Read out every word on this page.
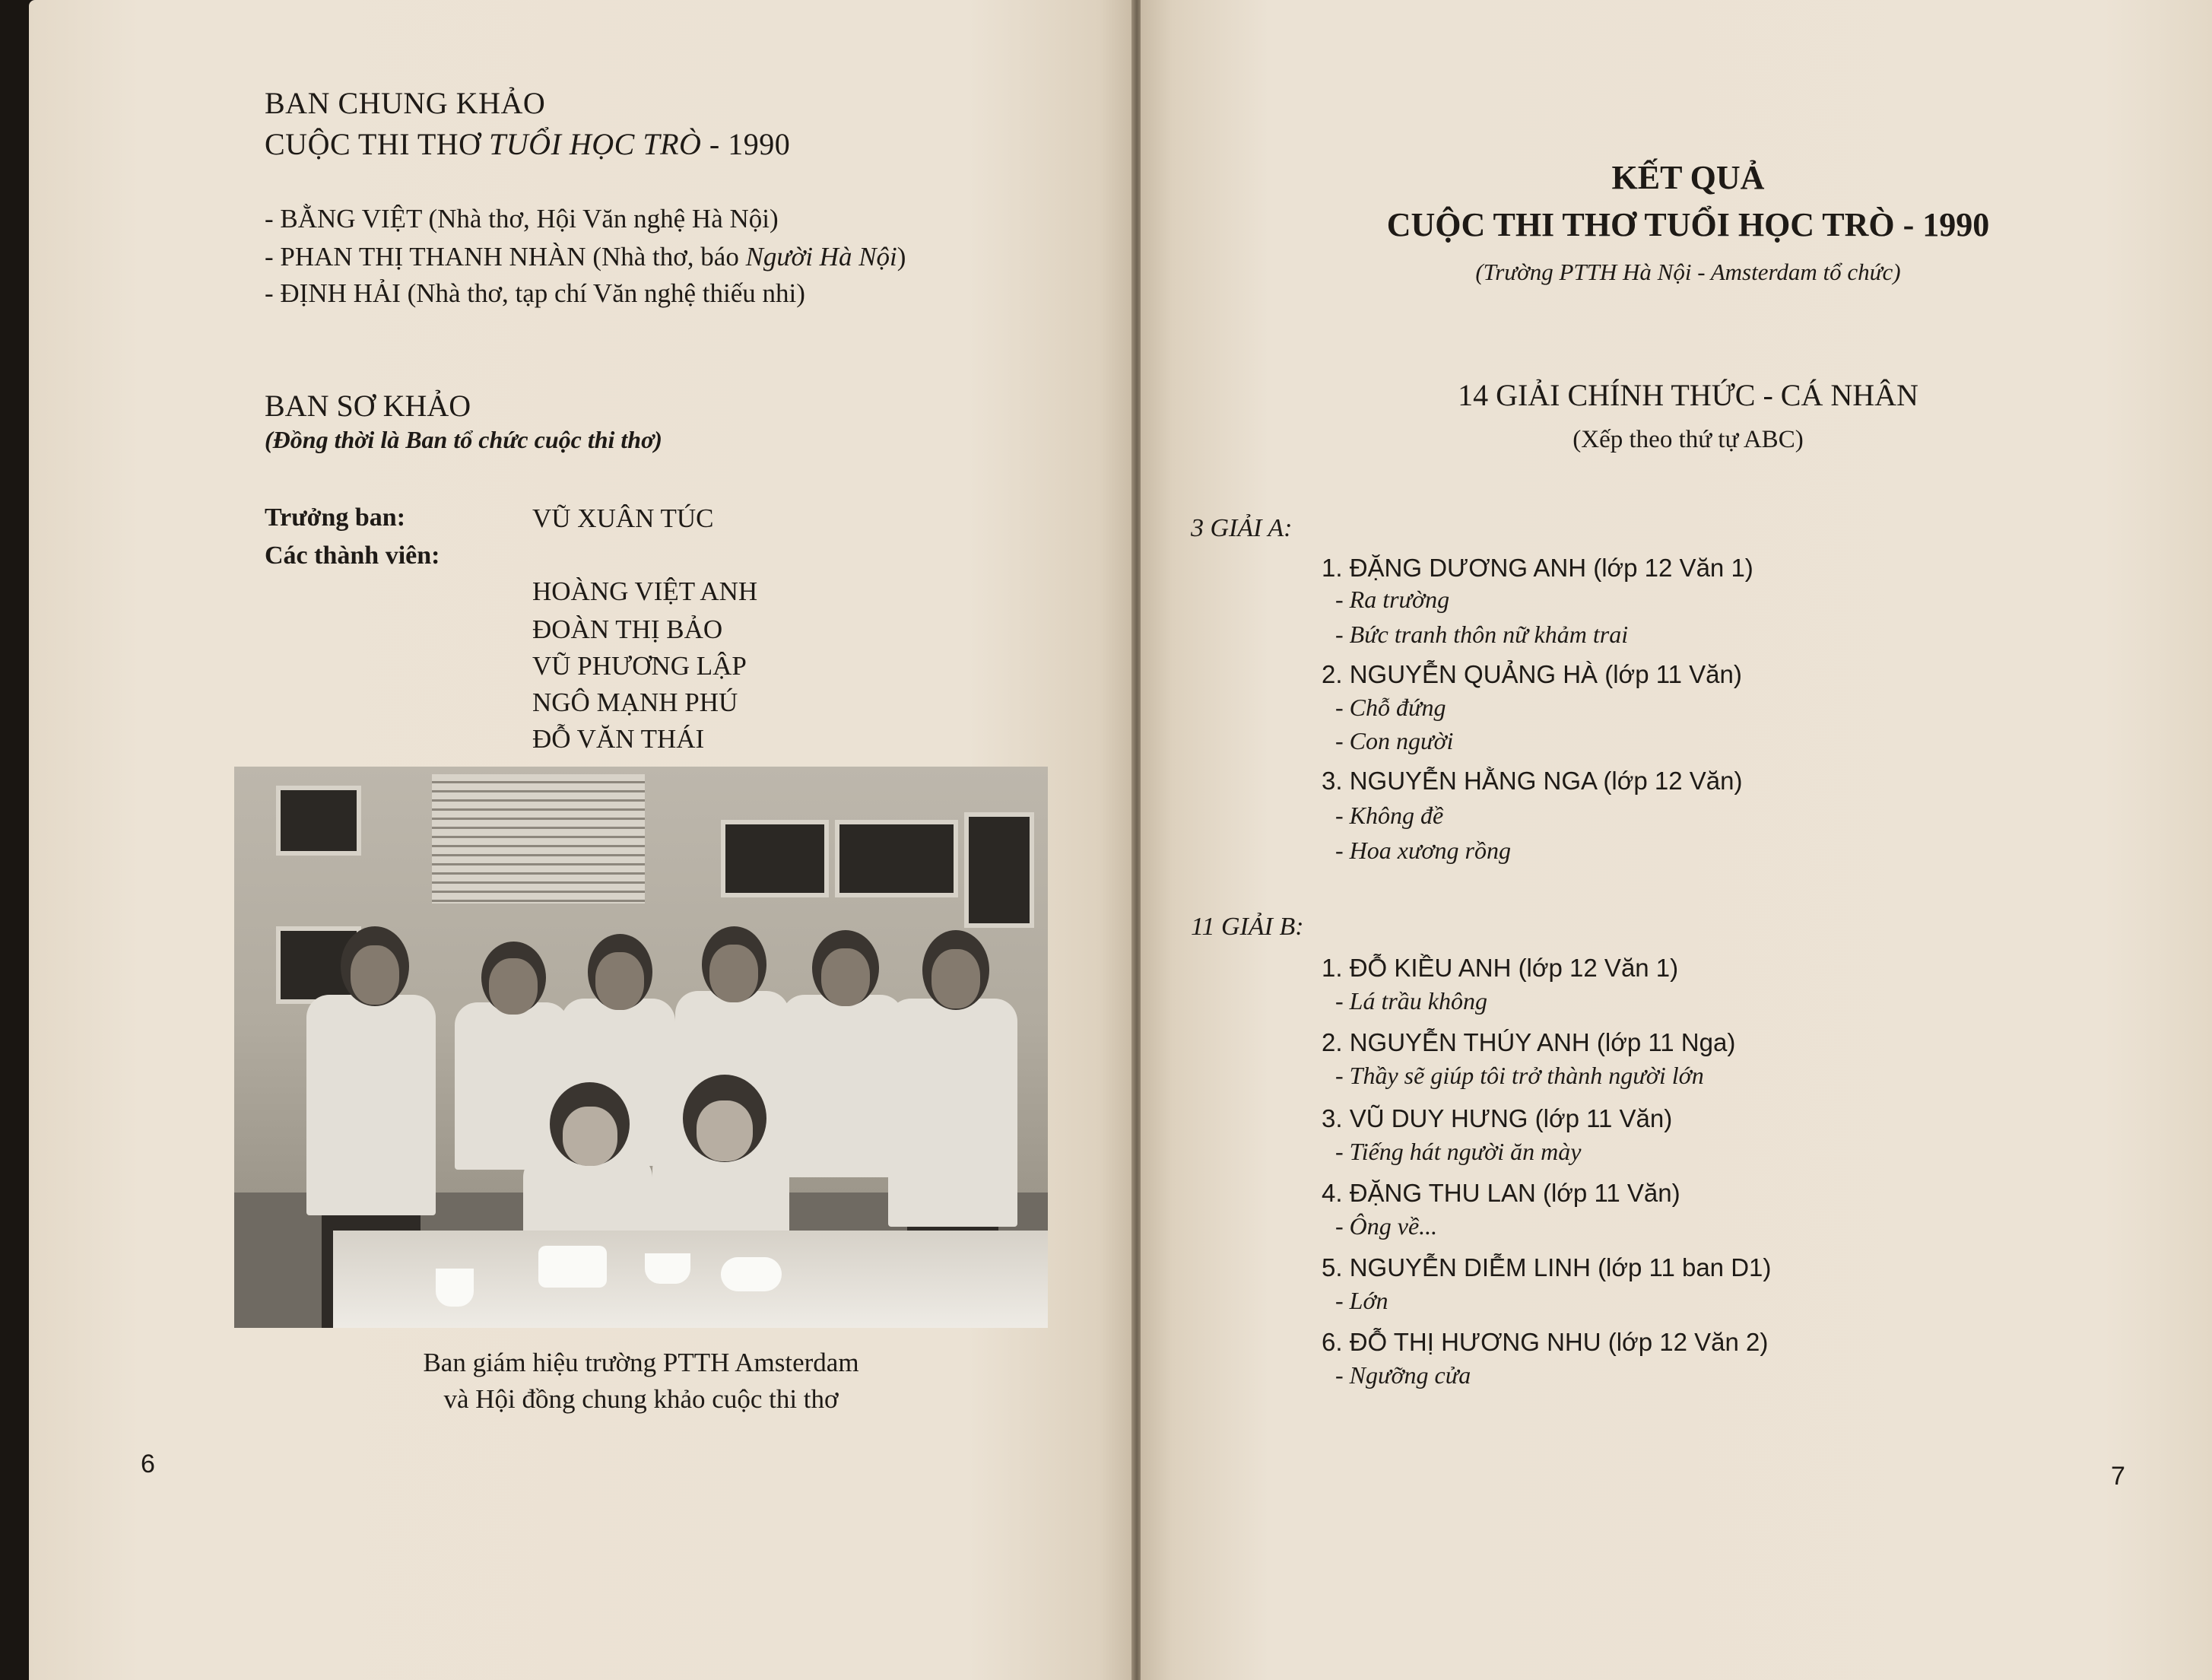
BAN CHUNG KHẢO
CUỘC THI THƠ TUỔI HỌC TRÒ - 1990
- BẰNG VIỆT (Nhà thơ, Hội Văn nghệ Hà Nội)
- PHAN THỊ THANH NHÀN (Nhà thơ, báo Người Hà Nội)
- ĐỊNH HẢI (Nhà thơ, tạp chí Văn nghệ thiếu nhi)
BAN SƠ KHẢO
(Đồng thời là Ban tổ chức cuộc thi thơ)
Trưởng ban:	VŨ XUÂN TÚC
Các thành viên:
HOÀNG VIỆT ANH
ĐOÀN THỊ BẢO
VŨ PHƯƠNG LẬP
NGÔ MẠNH PHÚ
ĐỖ VĂN THÁI
Ban giám hiệu trường PTTH Amsterdam
và Hội đồng chung khảo cuộc thi thơ
6
KẾT QUẢ
CUỘC THI THƠ TUỔI HỌC TRÒ - 1990
(Trường PTTH Hà Nội - Amsterdam tổ chức)
14 GIẢI CHÍNH THỨC - CÁ NHÂN
(Xếp theo thứ tự ABC)
3 GIẢI A:
1. ĐẶNG DƯƠNG ANH (lớp 12 Văn 1)
- Ra trường
- Bức tranh thôn nữ khảm trai
2. NGUYỄN QUẢNG HÀ (lớp 11 Văn)
- Chỗ đứng
- Con người
3. NGUYỄN HẰNG NGA (lớp 12 Văn)
- Không đề
- Hoa xương rồng
11 GIẢI B:
1. ĐỖ KIỀU ANH (lớp 12 Văn 1)
- Lá trầu không
2. NGUYỄN THÚY ANH (lớp 11 Nga)
- Thầy sẽ giúp tôi trở thành người lớn
3. VŨ DUY HƯNG (lớp 11 Văn)
- Tiếng hát người ăn mày
4. ĐẶNG THU LAN (lớp 11 Văn)
- Ông về...
5. NGUYỄN DIỄM LINH (lớp 11 ban D1)
- Lớn
6. ĐỖ THỊ HƯƠNG NHU (lớp 12 Văn 2)
- Ngưỡng cửa
7
